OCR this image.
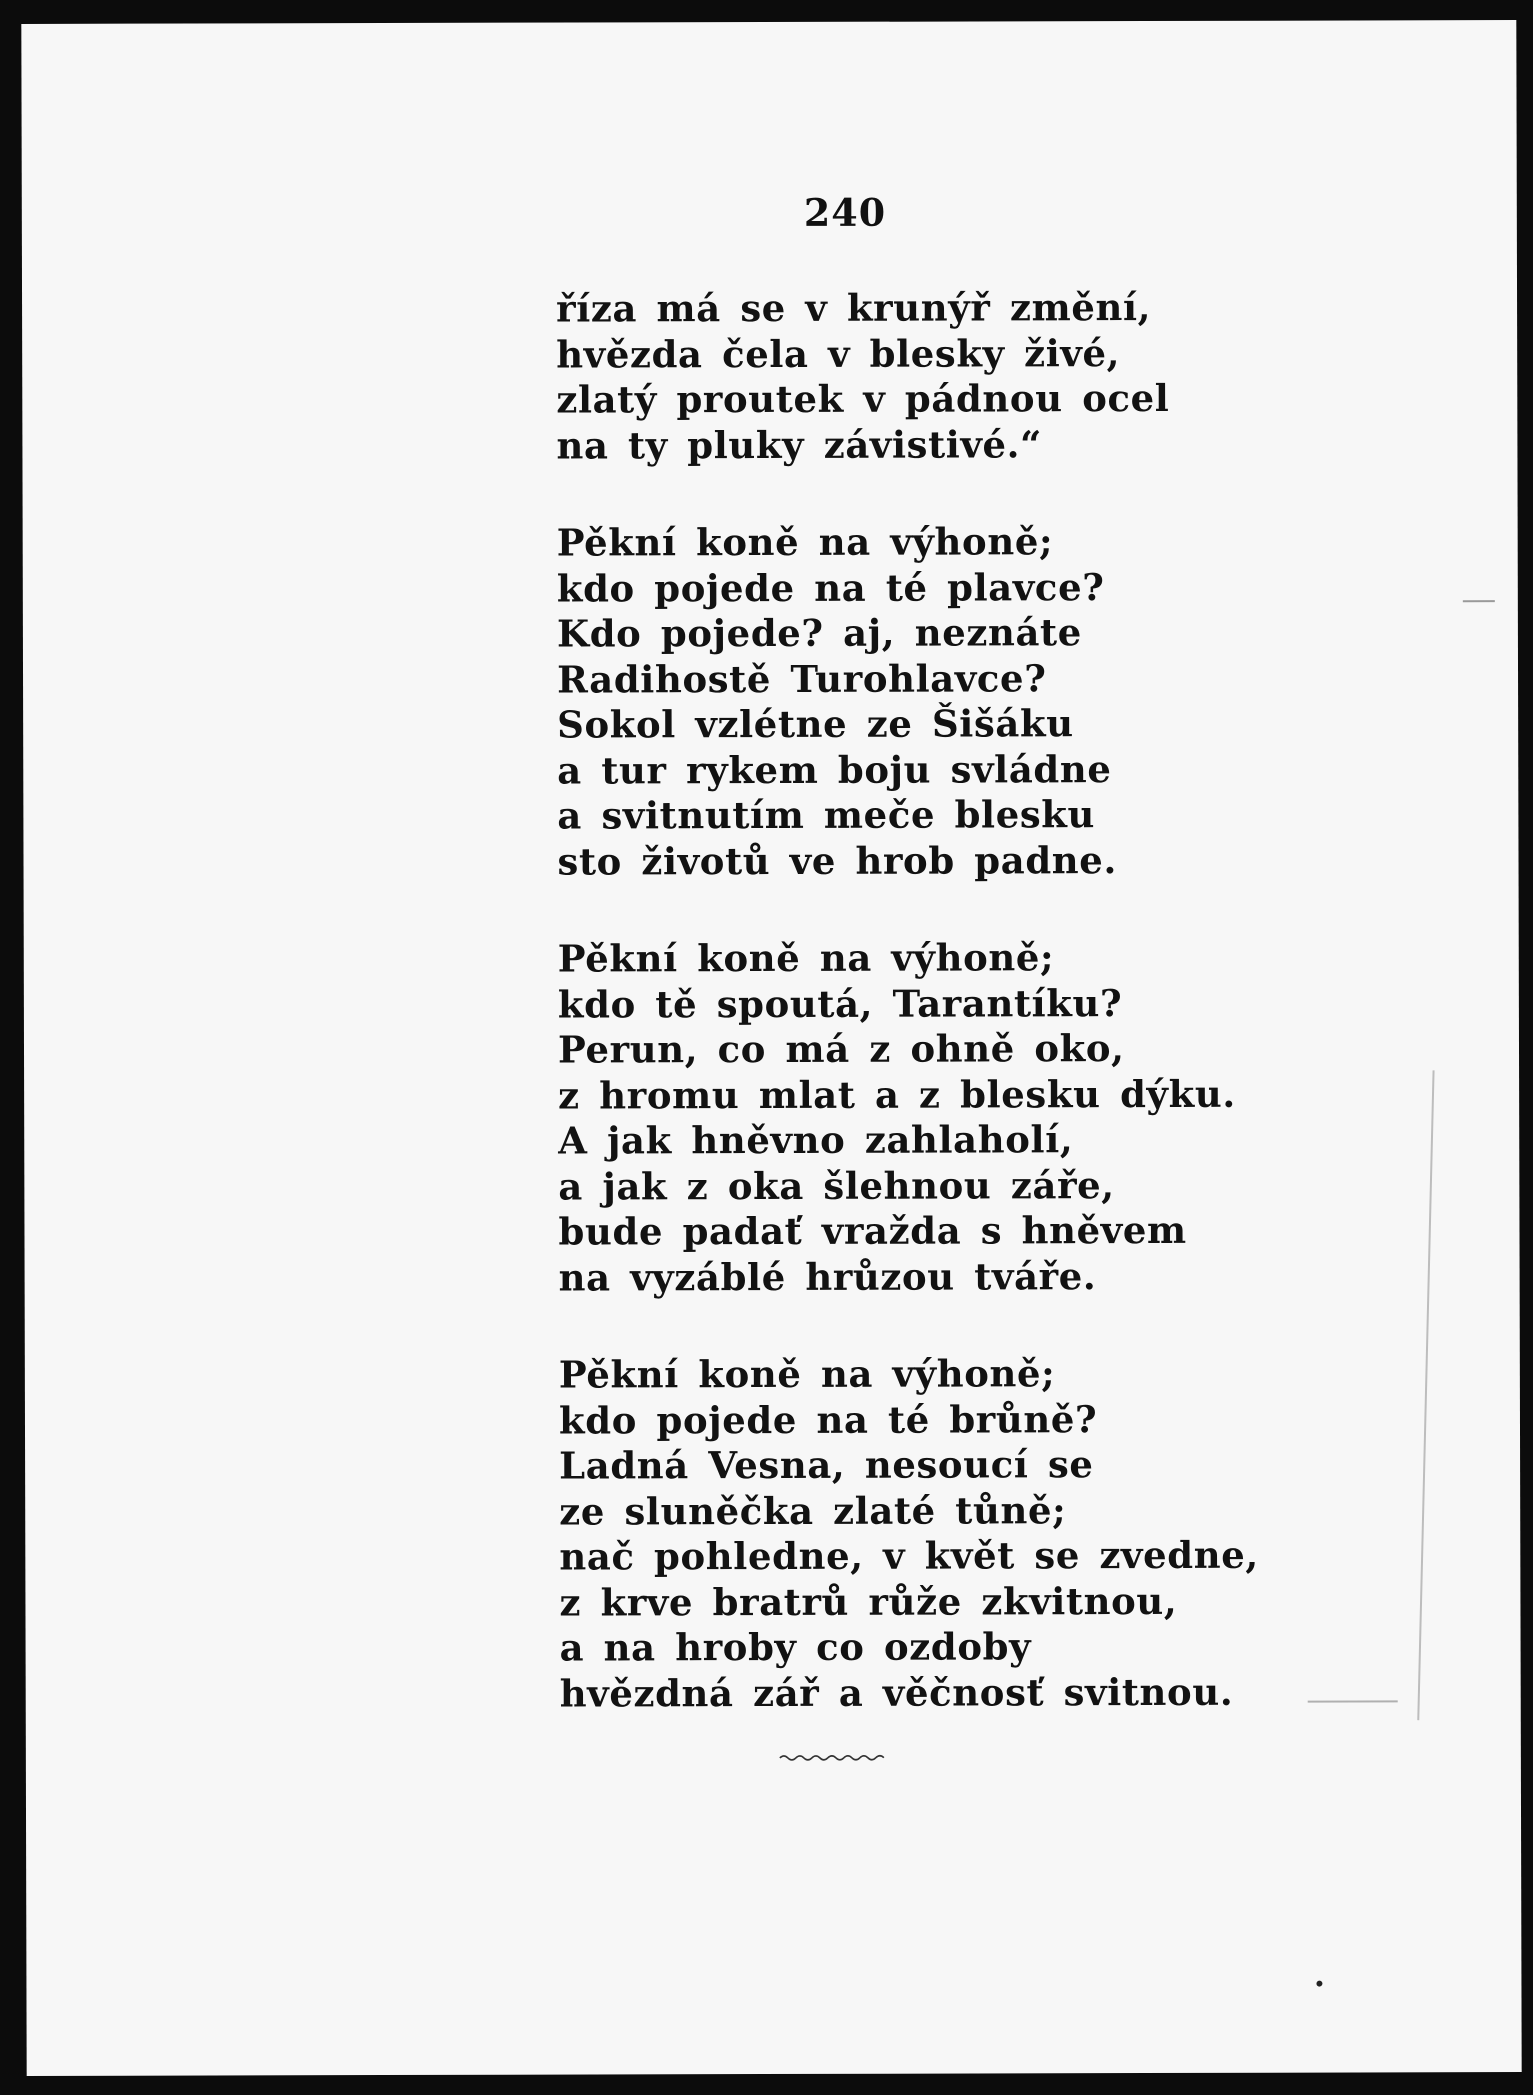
240
říza má se v krunýř změní,
hvězda čela v blesky živé,
zlatý proutek v pádnou ocel
na ty pluky závistivé.“
Pěkní koně na výhoně;
kdo pojede na té plavce?
Kdo pojede? aj, neznáte
Radihostě Turohlavce?
Sokol vzlétne ze Šišáku
a tur rykem boju svládne
a svitnutím meče blesku
sto životů ve hrob padne.
Pěkní koně na výhoně;
kdo tě spoutá, Tarantíku?
Perun, co má z ohně oko,
z hromu mlat a z blesku dýku.
A jak hněvno zahlaholí,
a jak z oka šlehnou záře,
bude padať vražda s hněvem
na vyzáblé hrůzou tváře.
Pěkní koně na výhoně;
kdo pojede na té brůně?
Ladná Vesna, nesoucí se
ze sluněčka zlaté tůně;
nač pohledne, v květ se zvedne,
z krve bratrů růže zkvitnou,
a na hroby co ozdoby
hvězdná zář a věčnosť svitnou.
